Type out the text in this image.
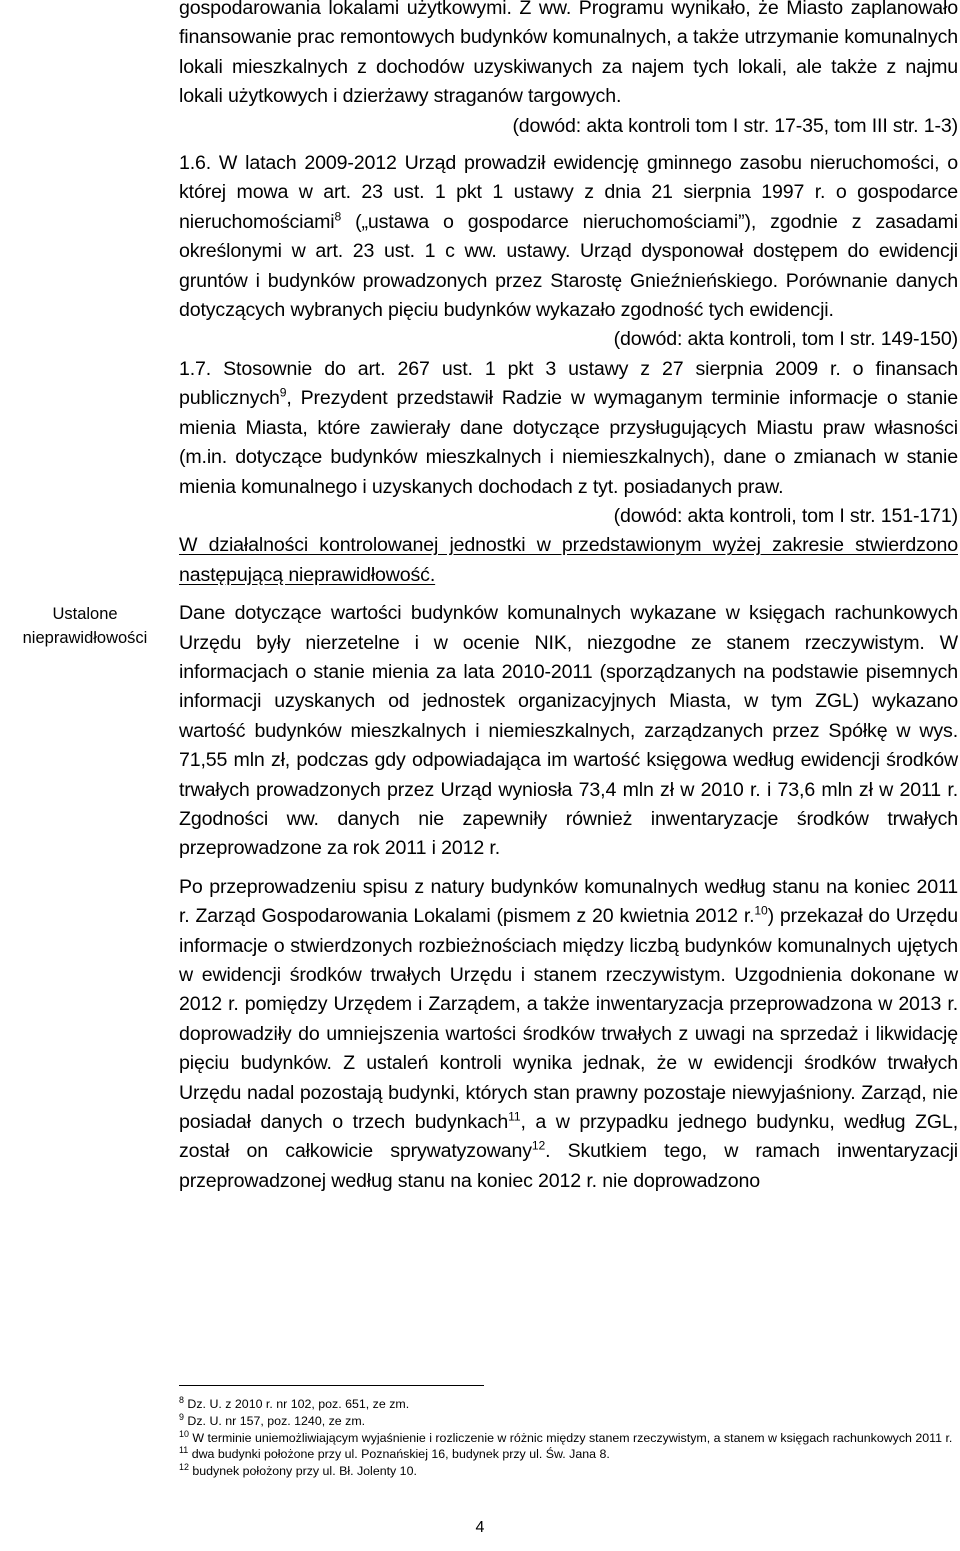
Ustalone
nieprawidłowości

gospodarowania lokalami użytkowymi. Z ww. Programu wynikało, że Miasto zaplanowało finansowanie prac remontowych budynków komunalnych, a także utrzymanie komunalnych lokali mieszkalnych z dochodów uzyskiwanych za najem tych lokali, ale także z najmu lokali użytkowych i dzierżawy straganów targowych.

(dowód: akta kontroli tom I str. 17-35, tom III str. 1-3)

1.6. W latach 2009-2012 Urząd prowadził ewidencję gminnego zasobu nieruchomości, o której mowa w art. 23 ust. 1 pkt 1 ustawy z dnia 21 sierpnia 1997 r. o gospodarce nieruchomościami$^8$ („ustawa o gospodarce nieruchomościami”), zgodnie z zasadami określonymi w art. 23 ust. 1 c ww. ustawy. Urząd dysponował dostępem do ewidencji gruntów i budynków prowadzonych przez Starostę Gnieźnieńskiego. Porównanie danych dotyczących wybranych pięciu budynków wykazało zgodność tych ewidencji.

(dowód: akta kontroli, tom I str. 149-150)

1.7. Stosownie do art. 267 ust. 1 pkt 3 ustawy z 27 sierpnia 2009 r. o finansach publicznych$^9$, Prezydent przedstawił Radzie w wymaganym terminie informacje o stanie mienia Miasta, które zawierały dane dotyczące przysługujących Miastu praw własności (m.in. dotyczące budynków mieszkalnych i niemieszkalnych), dane o zmianach w stanie mienia komunalnego i uzyskanych dochodach z tyt. posiadanych praw.

(dowód: akta kontroli, tom I str. 151-171)

W działalności kontrolowanej jednostki w przedstawionym wyżej zakresie stwierdzono następującą nieprawidłowość.

Dane dotyczące wartości budynków komunalnych wykazane w księgach rachunkowych Urzędu były nierzetelne i w ocenie NIK, niezgodne ze stanem rzeczywistym. W informacjach o stanie mienia za lata 2010-2011 (sporządzanych na podstawie pisemnych informacji uzyskanych od jednostek organizacyjnych Miasta, w tym ZGL) wykazano wartość budynków mieszkalnych i niemieszkalnych, zarządzanych przez Spółkę w wys. 71,55 mln zł, podczas gdy odpowiadająca im wartość księgowa według ewidencji środków trwałych prowadzonych przez Urząd wyniosła 73,4 mln zł w 2010 r. i 73,6 mln zł w 2011 r. Zgodności ww. danych nie zapewniły również inwentaryzacje środków trwałych przeprowadzone za rok 2011 i 2012 r.

Po przeprowadzeniu spisu z natury budynków komunalnych według stanu na koniec 2011 r. Zarząd Gospodarowania Lokalami (pismem z 20 kwietnia 2012 r.$^{10}$) przekazał do Urzędu informacje o stwierdzonych rozbieżnościach między liczbą budynków komunalnych ujętych w ewidencji środków trwałych Urzędu i stanem rzeczywistym. Uzgodnienia dokonane w 2012 r. pomiędzy Urzędem i Zarządem, a także inwentaryzacja przeprowadzona w 2013 r. doprowadziły do umniejszenia wartości środków trwałych z uwagi na sprzedaż i likwidację pięciu budynków. Z ustaleń kontroli wynika jednak, że w ewidencji środków trwałych Urzędu nadal pozostają budynki, których stan prawny pozostaje niewyjaśniony. Zarząd, nie posiadał danych o trzech budynkach$^{11}$, a w przypadku jednego budynku, według ZGL, został on całkowicie sprywatyzowany$^{12}$. Skutkiem tego, w ramach inwentaryzacji przeprowadzonej według stanu na koniec 2012 r. nie doprowadzono

$^8$ Dz. U. z 2010 r. nr 102, poz. 651, ze zm.

$^9$ Dz. U. nr 157, poz. 1240, ze zm.

$^{10}$ W terminie uniemożliwiającym wyjaśnienie i rozliczenie w różnic między stanem rzeczywistym, a stanem w księgach rachunkowych 2011 r.

$^{11}$ dwa budynki położone przy ul. Poznańskiej 16, budynek przy ul. Św. Jana 8.

$^{12}$ budynek położony przy ul. Bł. Jolenty 10.

4
